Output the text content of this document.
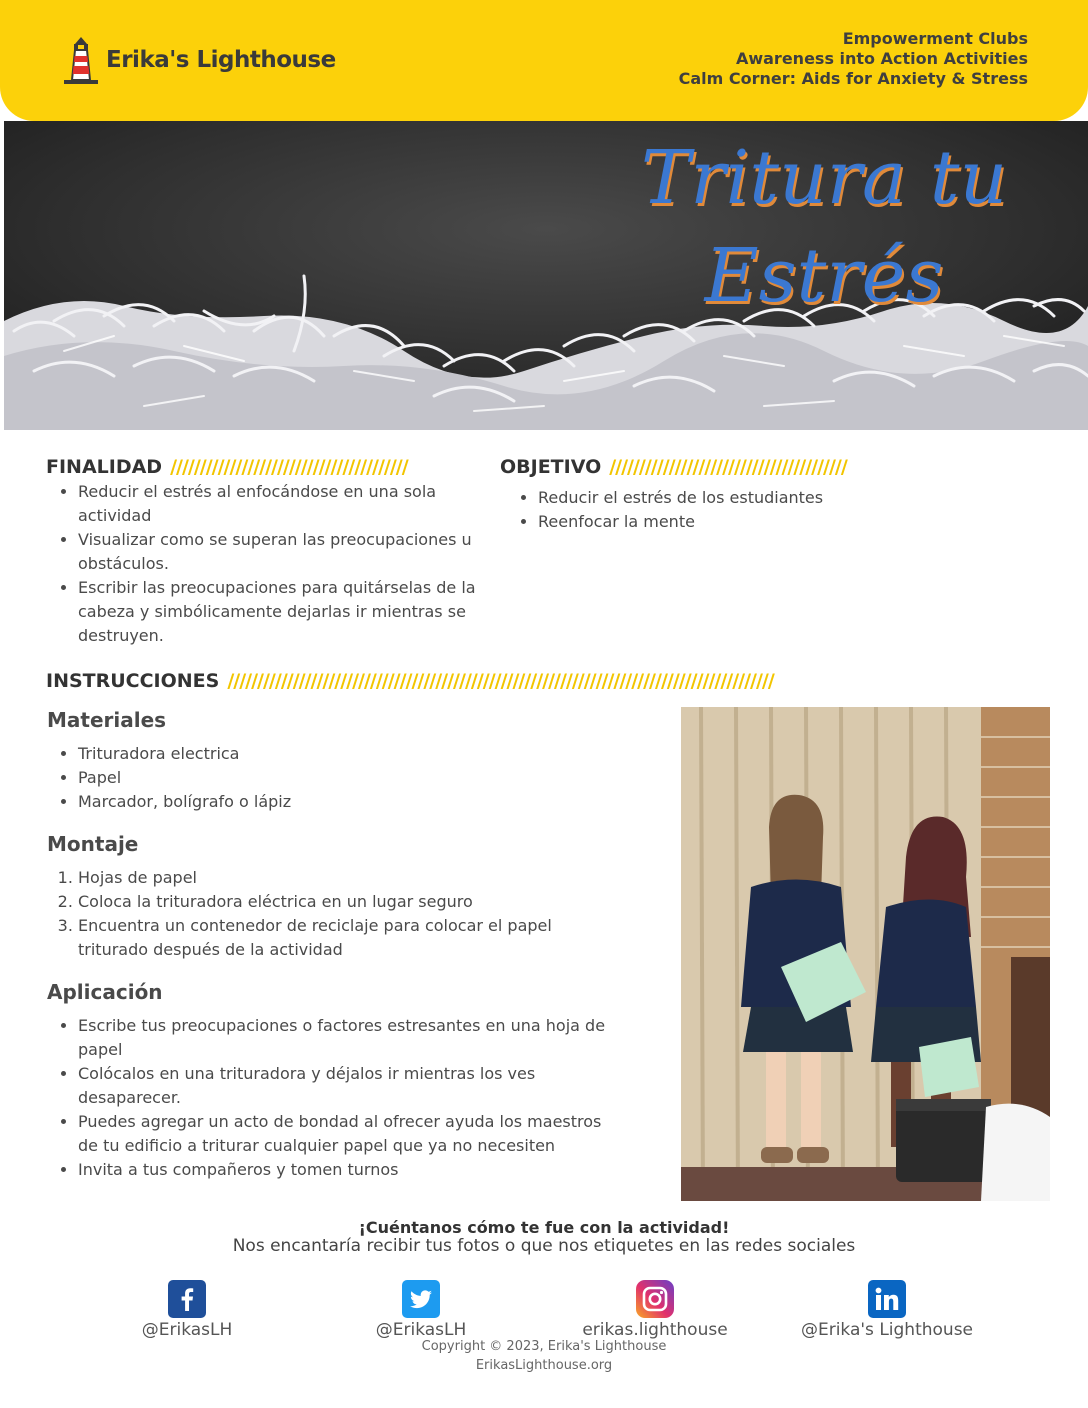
Erika's Lighthouse
Empowerment Clubs
Awareness into Action Activities
Calm Corner: Aids for Anxiety & Stress
Tritura tu
Estrés
FINALIDAD ////////////////////////////////////////
• Reducir el estrés al enfocándose en una sola actividad
• Visualizar como se superan las preocupaciones u obstáculos.
• Escribir las preocupaciones para quitárselas de la cabeza y simbólicamente dejarlas ir mientras se destruyen.
OBJETIVO ////////////////////////////////////////
• Reducir el estrés de los estudiantes
• Reenfocar la mente
INSTRUCCIONES ////////////////////////////////////////////////////////////////////////////////////////////
Materiales
• Trituradora electrica
• Papel
• Marcador, bolígrafo o lápiz
Montaje
1. Hojas de papel
2. Coloca la trituradora eléctrica en un lugar seguro
3. Encuentra un contenedor de reciclaje para colocar el papel triturado después de la actividad
Aplicación
• Escribe tus preocupaciones o factores estresantes en una hoja de papel
• Colócalos en una trituradora y déjalos ir mientras los ves desaparecer.
• Puedes agregar un acto de bondad al ofrecer ayuda los maestros de tu edificio a triturar cualquier papel que ya no necesiten
• Invita a tus compañeros y tomen turnos
¡Cuéntanos cómo te fue con la actividad!
Nos encantaría recibir tus fotos o que nos etiquetes en las redes sociales
@ErikasLH	@ErikasLH	erikas.lighthouse	@Erika's Lighthouse
Copyright © 2023, Erika's Lighthouse
ErikasLighthouse.org
